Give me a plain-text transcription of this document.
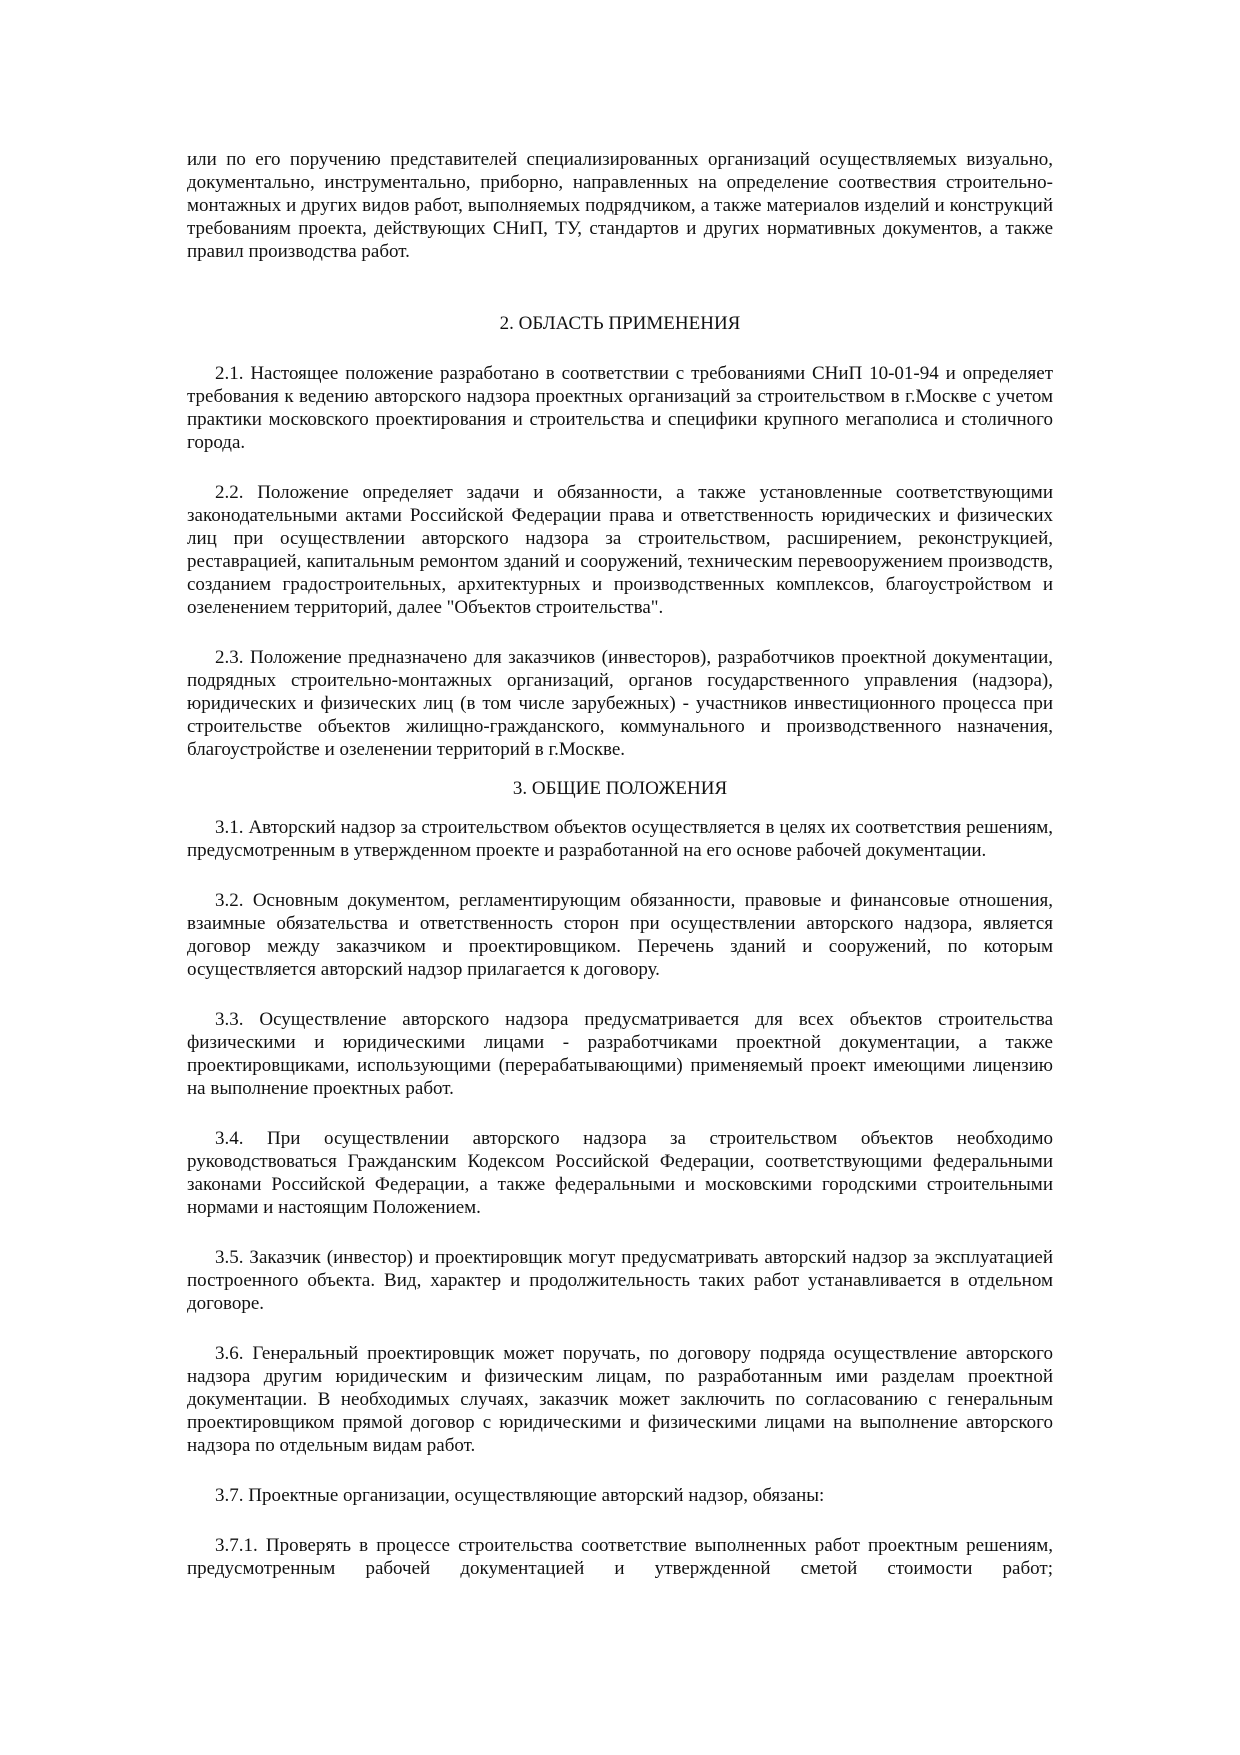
или по его поручению представителей специализированных организаций осуществляемых визуально, документально, инструментально, приборно, направленных на определение соотвествия строительно-монтажных и других видов работ, выполняемых подрядчиком, а также материалов изделий и конструкций требованиям проекта, действующих СНиП, ТУ, стандартов и других нормативных документов, а также правил производства работ.

2. ОБЛАСТЬ ПРИМЕНЕНИЯ

2.1. Настоящее положение разработано в соответствии с требованиями СНиП 10-01-94 и определяет требования к ведению авторского надзора проектных организаций за строительством в г.Москве с учетом практики московского проектирования и строительства и специфики крупного мегаполиса и столичного города.

2.2. Положение определяет задачи и обязанности, а также установленные соответствующими законодательными актами Российской Федерации права и ответственность юридических и физических лиц при осуществлении авторского надзора за строительством, расширением, реконструкцией, реставрацией, капитальным ремонтом зданий и сооружений, техническим перевооружением производств, созданием градостроительных, архитектурных и производственных комплексов, благоустройством и озеленением территорий, далее "Объектов строительства".

2.3. Положение предназначено для заказчиков (инвесторов), разработчиков проектной документации, подрядных строительно-монтажных организаций, органов государственного управления (надзора), юридических и физических лиц (в том числе зарубежных) - участников инвестиционного процесса при строительстве объектов жилищно-гражданского, коммунального и производственного назначения, благоустройстве и озеленении территорий в г.Москве.

3. ОБЩИЕ ПОЛОЖЕНИЯ

3.1. Авторский надзор за строительством объектов осуществляется в целях их соответствия решениям, предусмотренным в утвержденном проекте и разработанной на его основе рабочей документации.

3.2. Основным документом, регламентирующим обязанности, правовые и финансовые отношения, взаимные обязательства и ответственность сторон при осуществлении авторского надзора, является договор между заказчиком и проектировщиком. Перечень зданий и сооружений, по которым осуществляется авторский надзор прилагается к договору.

3.3. Осуществление авторского надзора предусматривается для всех объектов строительства физическими и юридическими лицами - разработчиками проектной документации, а также проектировщиками, использующими (перерабатывающими) применяемый проект имеющими лицензию на выполнение проектных работ.

3.4. При осуществлении авторского надзора за строительством объектов необходимо руководствоваться Гражданским Кодексом Российской Федерации, соответствующими федеральными законами Российской Федерации, а также федеральными и московскими городскими строительными нормами и настоящим Положением.

3.5. Заказчик (инвестор) и проектировщик могут предусматривать авторский надзор за эксплуатацией построенного объекта. Вид, характер и продолжительность таких работ устанавливается в отдельном договоре.

3.6. Генеральный проектировщик может поручать, по договору подряда осуществление авторского надзора другим юридическим и физическим лицам, по разработанным ими разделам проектной документации. В необходимых случаях, заказчик может заключить по согласованию с генеральным проектировщиком прямой договор с юридическими и физическими лицами на выполнение авторского надзора по отдельным видам работ.

3.7. Проектные организации, осуществляющие авторский надзор, обязаны:

3.7.1. Проверять в процессе строительства соответствие выполненных работ проектным решениям, предусмотренным рабочей документацией и утвержденной сметой стоимости работ;
